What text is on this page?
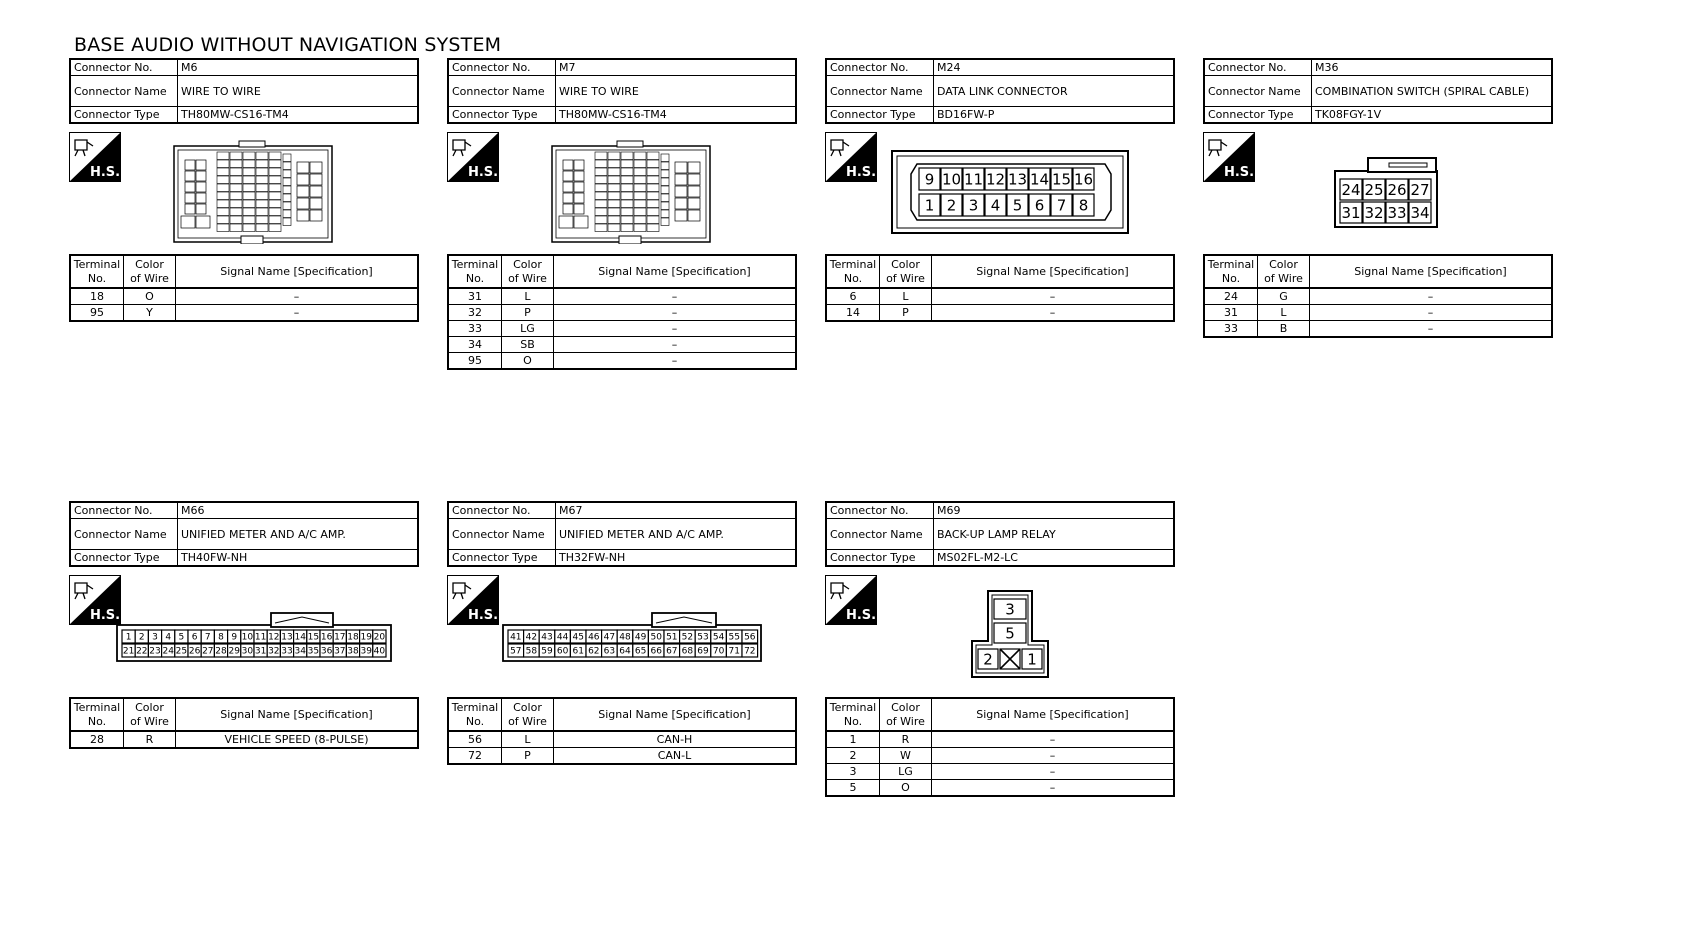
BASE AUDIO WITHOUT NAVIGATION SYSTEM
Connector No.	M6
Connector Name	WIRE TO WIRE
Connector Type	TH80MW-CS16-TM4
H.S.
Terminal
No.	Color
of Wire	Signal Name [Specification]
18	O	–
95	Y	–
Connector No.	M7
Connector Name	WIRE TO WIRE
Connector Type	TH80MW-CS16-TM4
H.S.
Terminal
No.	Color
of Wire	Signal Name [Specification]
31	L	–
32	P	–
33	LG	–
34	SB	–
95	O	–
Connector No.	M24
Connector Name	DATA LINK CONNECTOR
Connector Type	BD16FW-P
H.S.	9 10 11 12 13 14 15 16
1 2 3 4 5 6 7 8
Terminal
No.	Color
of Wire	Signal Name [Specification]
6	L	–
14	P	–
Connector No.	M36
Connector Name	COMBINATION SWITCH (SPIRAL CABLE)
Connector Type	TK08FGY-1V
H.S.
24 25 26 27
31 32 33 34
Terminal
No.	Color
of Wire	Signal Name [Specification]
24	G	–
31	L	–
33	B	–
Connector No.	M66
Connector Name	UNIFIED METER AND A/C AMP.
Connector Type	TH40FW-NH
H.S.
1 2 3 4 5 6 7 8 9 10 11 12 13 14 15 16 17 18 19 20
21 22 23 24 25 26 27 28 29 30 31 32 33 34 35 36 37 38 39 40
Terminal
No.	Color
of Wire	Signal Name [Specification]
28	R	VEHICLE SPEED (8-PULSE)
Connector No.	M67
Connector Name	UNIFIED METER AND A/C AMP.
Connector Type	TH32FW-NH
H.S.
41 42 43 44 45 46 47 48 49 50 51 52 53 54 55 56
57 58 59 60 61 62 63 64 65 66 67 68 69 70 71 72
Terminal
No.	Color
of Wire	Signal Name [Specification]
56	L	CAN-H
72	P	CAN-L
Connector No.	M69
Connector Name	BACK-UP LAMP RELAY
Connector Type	MS02FL-M2-LC
H.S.	3
5
2 1
Terminal
No.	Color
of Wire	Signal Name [Specification]
1	R	–
2	W	–
3	LG	–
5	O	–
